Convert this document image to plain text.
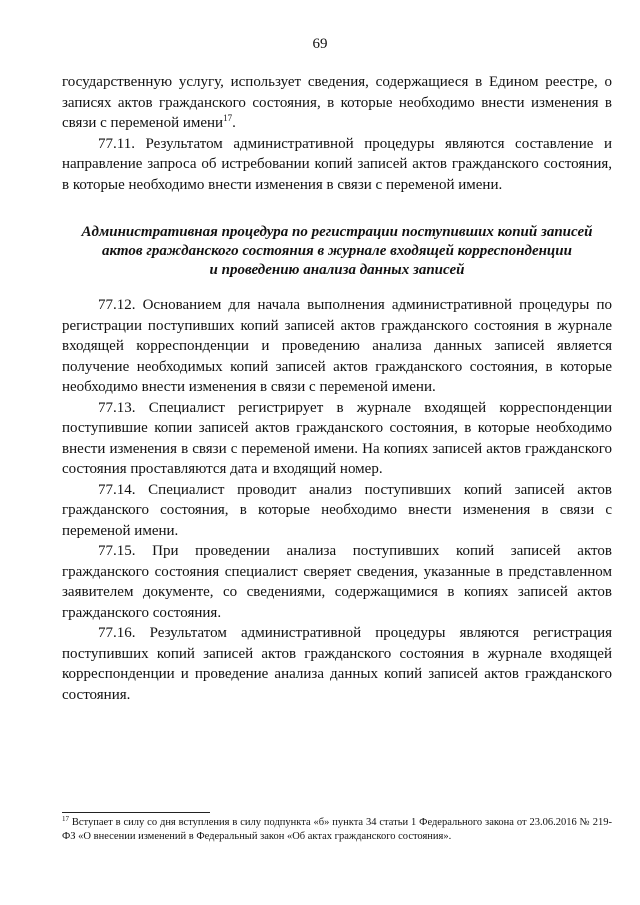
69

государственную услугу, использует сведения, содержащиеся в Едином реестре, о записях актов гражданского состояния, в которые необходимо внести изменения в связи с переменой имени$^{17}$.

77.11. Результатом административной процедуры являются составление и направление запроса об истребовании копий записей актов гражданского состояния, в которые необходимо внести изменения в связи с переменой имени.

Административная процедура по регистрации поступивших копий записей
актов гражданского состояния в журнале входящей корреспонденции
и проведению анализа данных записей

77.12. Основанием для начала выполнения административной процедуры по регистрации поступивших копий записей актов гражданского состояния в журнале входящей корреспонденции и проведению анализа данных записей является получение необходимых копий записей актов гражданского состояния, в которые необходимо внести изменения в связи с переменой имени.

77.13. Специалист регистрирует в журнале входящей корреспонденции поступившие копии записей актов гражданского состояния, в которые необходимо внести изменения в связи с переменой имени. На копиях записей актов гражданского состояния проставляются дата и входящий номер.

77.14. Специалист проводит анализ поступивших копий записей актов гражданского состояния, в которые необходимо внести изменения в связи с переменой имени.

77.15. При проведении анализа поступивших копий записей актов гражданского состояния специалист сверяет сведения, указанные в представленном заявителем документе, со сведениями, содержащимися в копиях записей актов гражданского состояния.

77.16. Результатом административной процедуры являются регистрация поступивших копий записей актов гражданского состояния в журнале входящей корреспонденции и проведение анализа данных копий записей актов гражданского состояния.

$^{17}$ Вступает в силу со дня вступления в силу подпункта «б» пункта 34 статьи 1 Федерального закона от 23.06.2016 № 219-ФЗ «О внесении изменений в Федеральный закон «Об актах гражданского состояния».
